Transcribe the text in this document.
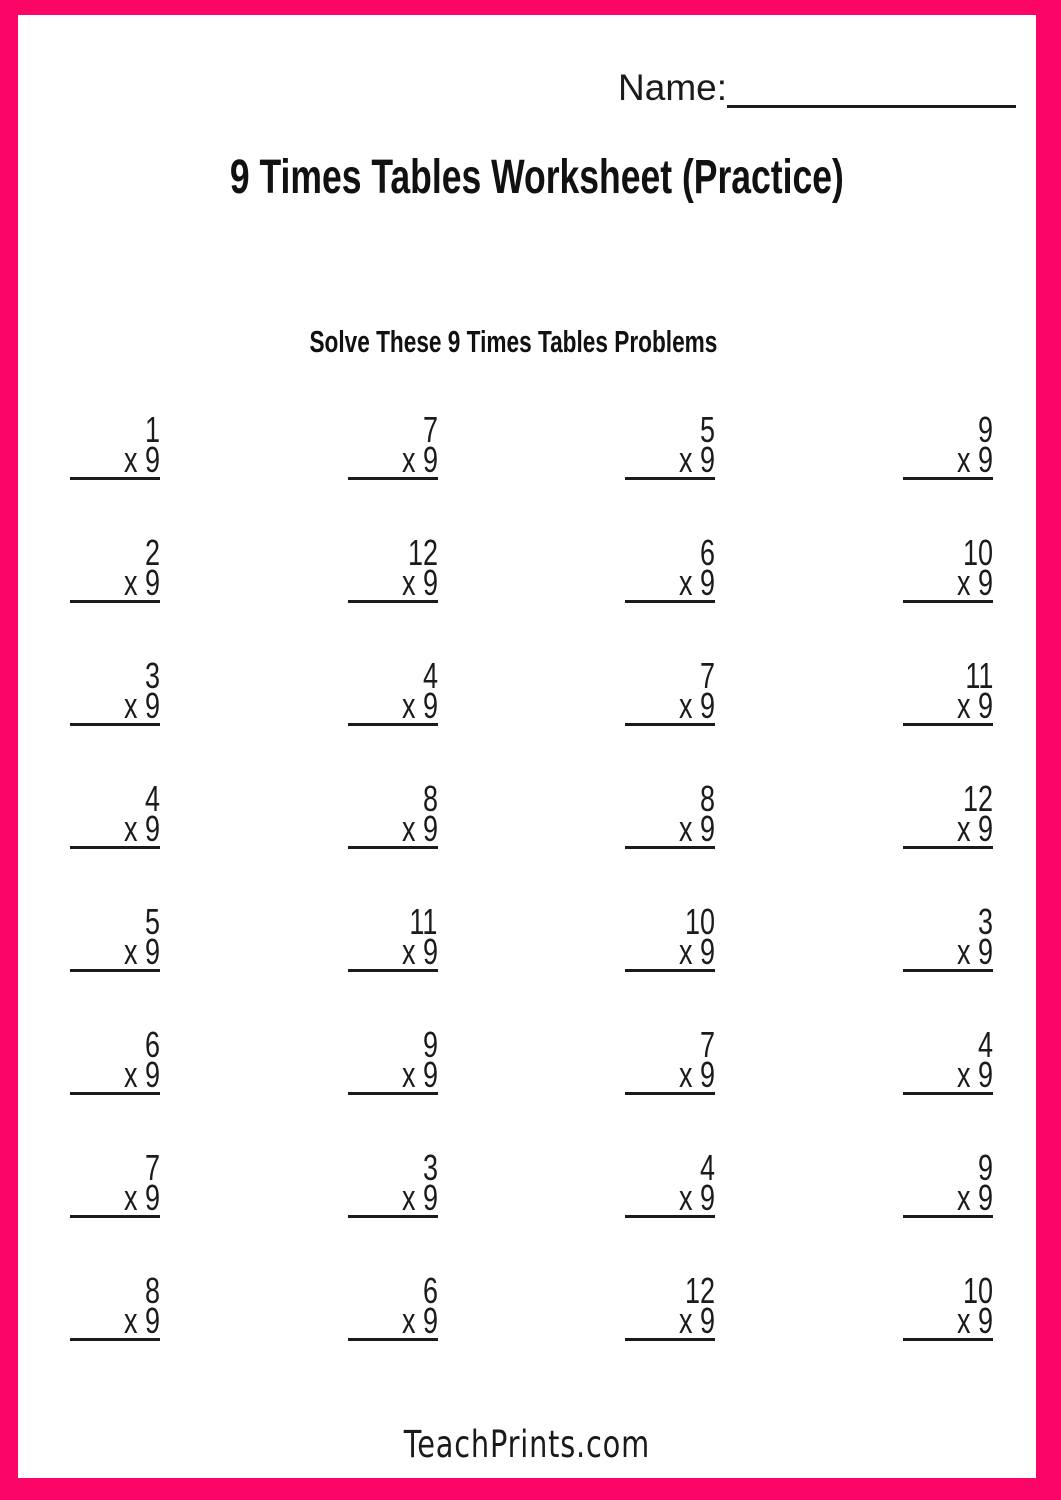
Name:
9 Times Tables Worksheet (Practice)
Solve These 9 Times Tables Problems
1
x 9
7
x 9
5
x 9
9
x 9
2
x 9
12
x 9
6
x 9
10
x 9
3
x 9
4
x 9
7
x 9
11
x 9
4
x 9
8
x 9
8
x 9
12
x 9
5
x 9
11
x 9
10
x 9
3
x 9
6
x 9
9
x 9
7
x 9
4
x 9
7
x 9
3
x 9
4
x 9
9
x 9
8
x 9
6
x 9
12
x 9
10
x 9
TeachPrints.com
